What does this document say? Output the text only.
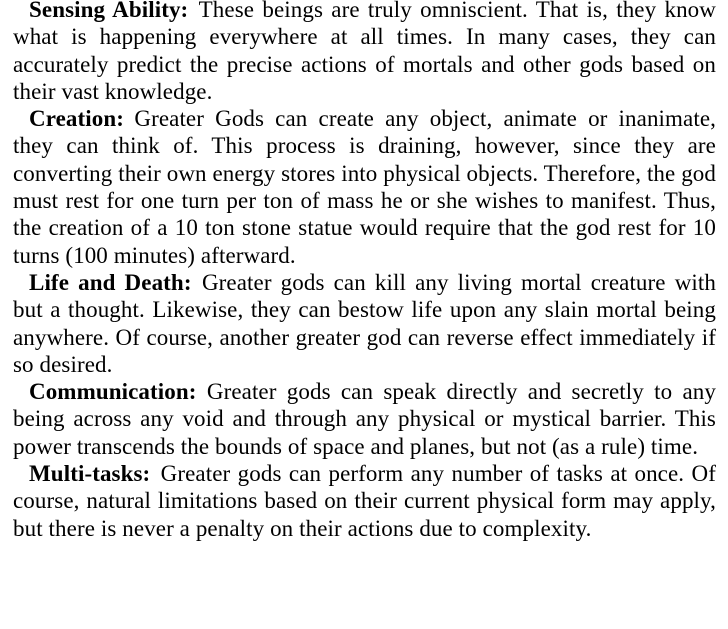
Sensing Ability: These beings are truly omniscient. That is, they know what is happening everywhere at all times. In many cases, they can accurately predict the precise actions of mortals and other gods based on their vast knowledge.

Creation: Greater Gods can create any object, animate or inanimate, they can think of. This process is draining, however, since they are converting their own energy stores into physical objects. Therefore, the god must rest for one turn per ton of mass he or she wishes to manifest. Thus, the creation of a 10 ton stone statue would require that the god rest for 10 turns (100 minutes) afterward.

Life and Death: Greater gods can kill any living mortal creature with but a thought. Likewise, they can bestow life upon any slain mortal being anywhere. Of course, another greater god can reverse effect immediately if so desired.

Communication: Greater gods can speak directly and secretly to any being across any void and through any physical or mystical barrier. This power transcends the bounds of space and planes, but not (as a rule) time.

Multi-tasks: Greater gods can perform any number of tasks at once. Of course, natural limitations based on their current physical form may apply, but there is never a penalty on their actions due to complexity.
